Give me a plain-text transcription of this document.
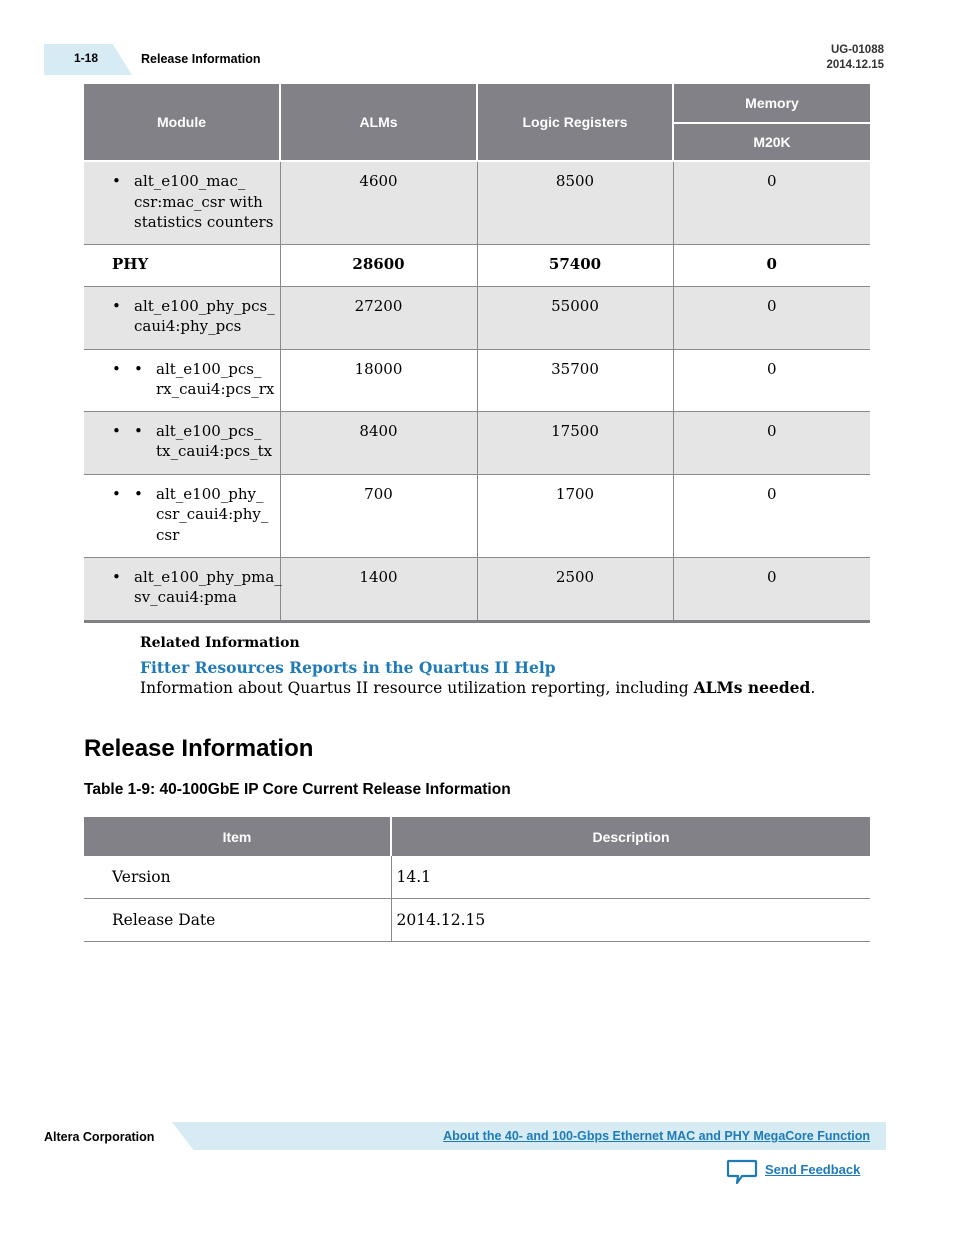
1-18	Release Information
UG-01088
2014.12.15
Module	ALMs	Logic Registers	Memory
			M20K

• alt_e100_mac_ csr:mac_csr with statistics counters	4600	8500	0

PHY	28600	57400	0

• alt_e100_phy_pcs_ caui4:phy_pcs	27200	55000	0

• • alt_e100_pcs_ rx_caui4:pcs_rx	18000	35700	0

• • alt_e100_pcs_ tx_caui4:pcs_tx	8400	17500	0

• • alt_e100_phy_ csr_caui4:phy_ csr	700	1700	0

• alt_e100_phy_pma_ sv_caui4:pma	1400	2500	0
Related Information
Fitter Resources Reports in the Quartus II Help
Information about Quartus II resource utilization reporting, including ALMs needed.
Release Information
Table 1-9: 40-100GbE IP Core Current Release Information
Item	Description
Version	14.1
Release Date	2014.12.15
Altera Corporation	About the 40- and 100-Gbps Ethernet MAC and PHY MegaCore Function
Send Feedback
